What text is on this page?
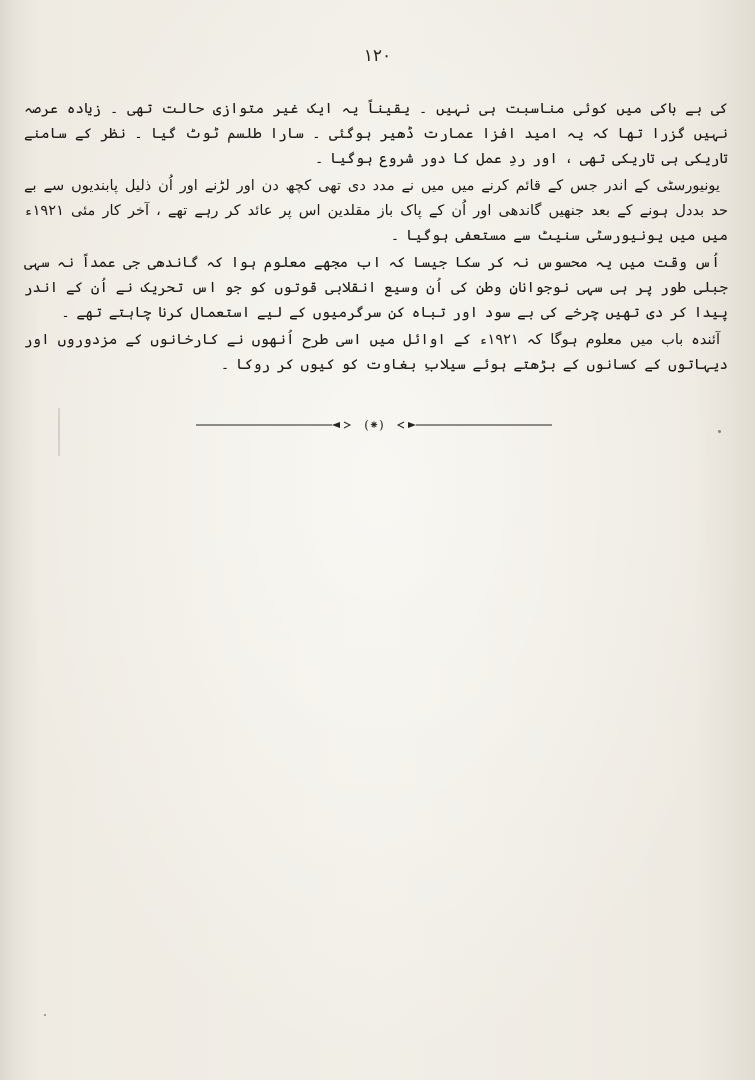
۱۲۰

کی بے باکی میں کوئی مناسبت ہی نہیں ۔ یقیناً یہ ایک غیر متوازی حالت تھی ۔ زیادہ عرصہ نہیں گزرا تھا کہ یہ امید افزا عمارت ڈھیر ہوگئی ۔ سارا طلسم ٹوٹ گیا ۔ نظر کے سامنے تاریکی ہی تاریکی تھی ، اور ردِ عمل کا دور شروع ہوگیا ۔

یونیورسٹی کے اندر جس کے قائم کرنے میں میں نے مدد دی تھی کچھ دن اور لڑنے اور اُن ذلیل پابندیوں سے بے حد بددل ہونے کے بعد جنھیں گاندھی اور اُن کے پاک باز مقلدین اس پر عائد کر رہے تھے ، آخر کار مئی ۱۹۲۱ء میں میں یونیورسٹی سنیٹ سے مستعفی ہوگیا ۔

اُس وقت میں یہ محسوس نہ کر سکا جیسا کہ اب مجھے معلوم ہوا کہ گاندھی جی عمداً نہ سہی جبلی طور پر ہی سہی نوجوانانِ وطن کی اُن وسیع انقلابی قوتوں کو جو اس تحریک نے اُن کے اندر پیدا کر دی تھیں چرخے کی بے سود اور تباہ کن سرگرمیوں کے لیے استعمال کرنا چاہتے تھے ۔

آئندہ باب میں معلوم ہوگا کہ ۱۹۲۱ء کے اوائل میں اسی طرح اُنھوں نے کارخانوں کے مزدوروں اور دیہاتوں کے کسانوں کے بڑھتے ہوئے سیلابِ بغاوت کو کیوں کر روکا ۔

(⁕)
